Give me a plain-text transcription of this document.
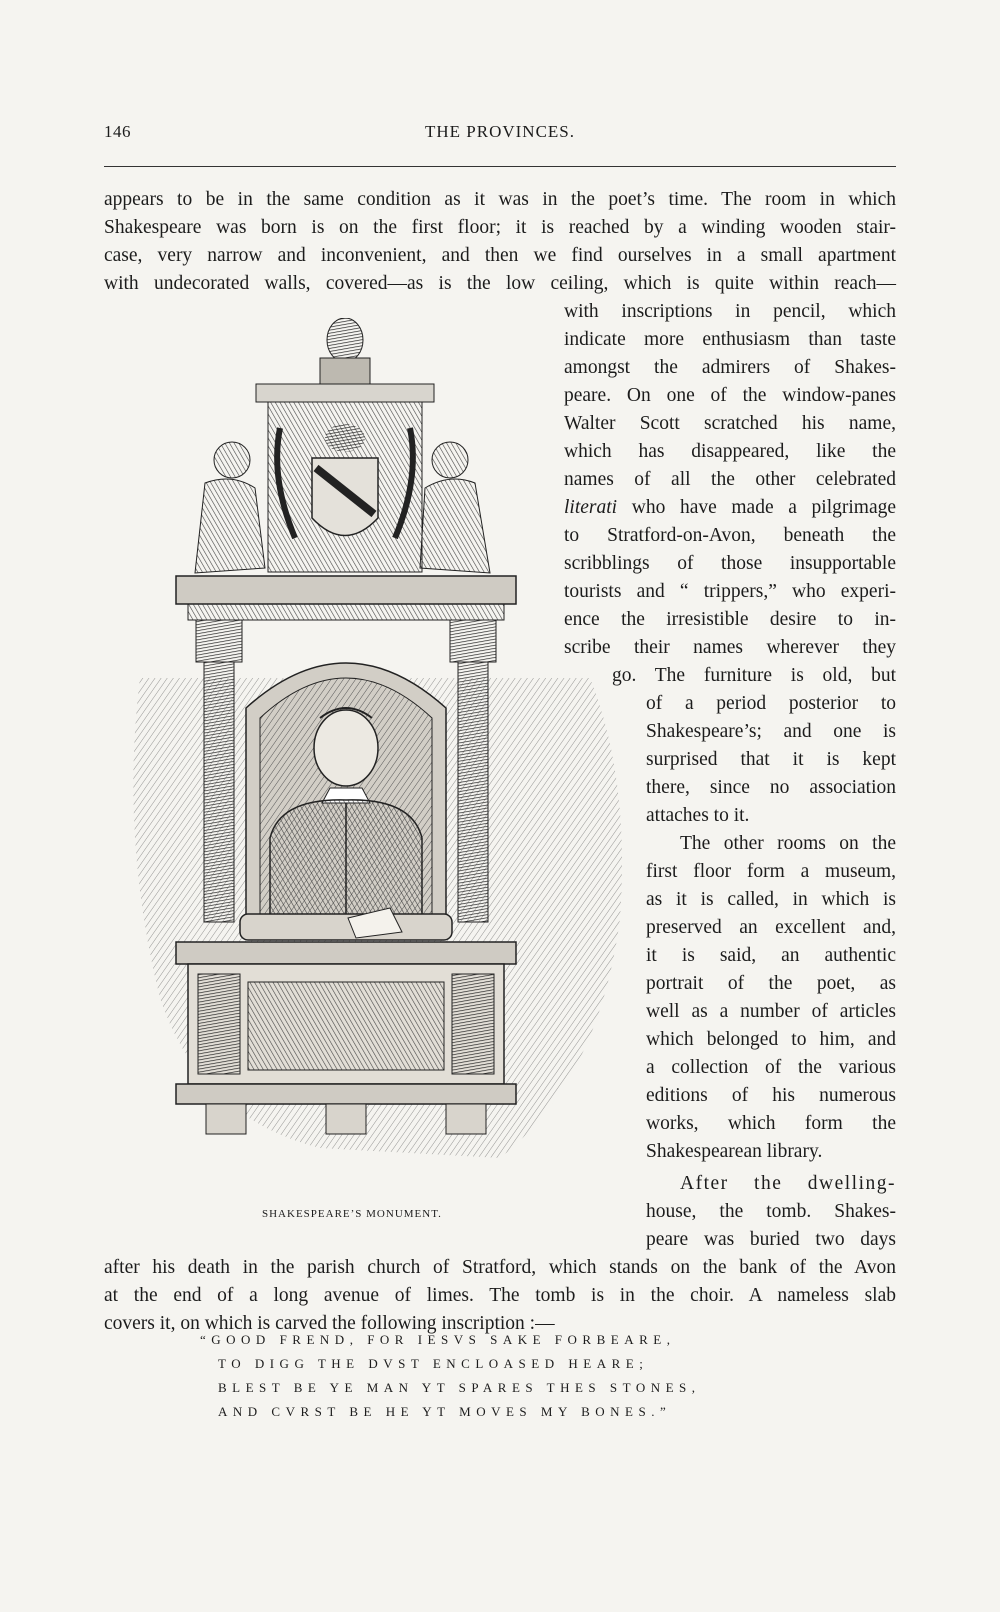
146	THE PROVINCES.
appears to be in the same condition as it was in the poet’s time. The room in which
Shakespeare was born is on the first floor; it is reached by a winding wooden stair-
case, very narrow and inconvenient, and then we find ourselves in a small apartment
with undecorated walls, covered—as is the low ceiling, which is quite within reach—
with inscriptions in pencil, which
indicate more enthusiasm than taste
amongst the admirers of Shakes-
peare. On one of the window-panes
Walter Scott scratched his name,
which has disappeared, like the
names of all the other celebrated
literati who have made a pilgrimage
to Stratford-on-Avon, beneath the
scribblings of those insupportable
tourists and “ trippers,” who experi-
ence the irresistible desire to in-
scribe their names wherever they
go. The furniture is old, but
of a period posterior to
Shakespeare’s; and one is
surprised that it is kept
there, since no association
attaches to it.
The other rooms on the
first floor form a museum,
as it is called, in which is
preserved an excellent and,
it is said, an authentic
portrait of the poet, as
well as a number of articles
which belonged to him, and
a collection of the various
editions of his numerous
works, which form the
Shakespearean library.
After the dwelling-
house, the tomb. Shakes-
peare was buried two days
after his death in the parish church of Stratford, which stands on the bank of the Avon
at the end of a long avenue of limes. The tomb is in the choir. A nameless slab
covers it, on which is carved the following inscription :—
SHAKESPEARE’S MONUMENT.
“GOOD FREND, FOR IESVS SAKE FORBEARE,
TO DIGG THE DVST ENCLOASED HEARE;
BLEST BE YE MAN YT SPARES THES STONES,
AND CVRST BE HE YT MOVES MY BONES.”
